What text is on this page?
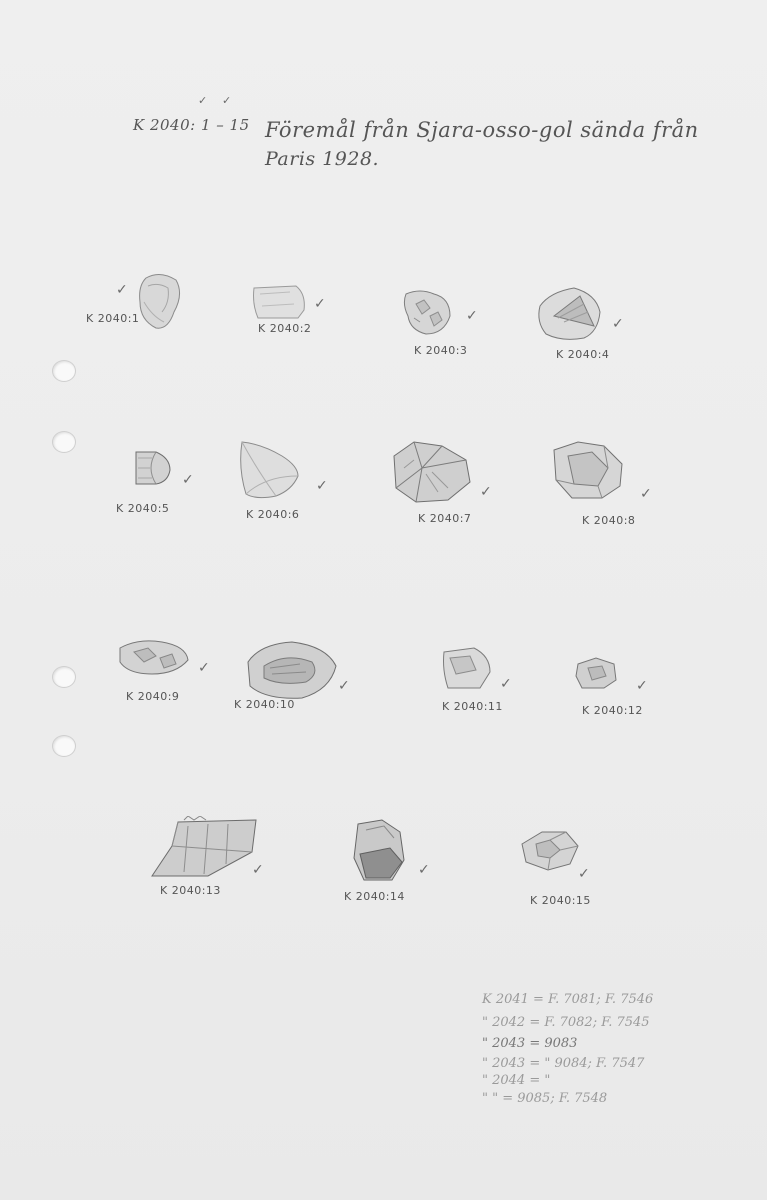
K 2040: 1 – 15
✓ ✓
Föremål från Sjara-osso-gol sända från
Paris 1928.
✓
K 2040:1
✓
K 2040:2
✓
K 2040:3
✓
K 2040:4
✓
K 2040:5
✓
K 2040:6
✓
K 2040:7
✓
K 2040:8
✓
K 2040:9
✓
K 2040:10
✓
K 2040:11
✓
K 2040:12
✓
K 2040:13
✓
K 2040:14
✓
K 2040:15
K 2041 = F. 7081; F. 7546
" 2042 = F. 7082; F. 7545
" 2043 = 9083
" 2043 = " 9084; F. 7547
" 2044 = "
" " = 9085; F. 7548
